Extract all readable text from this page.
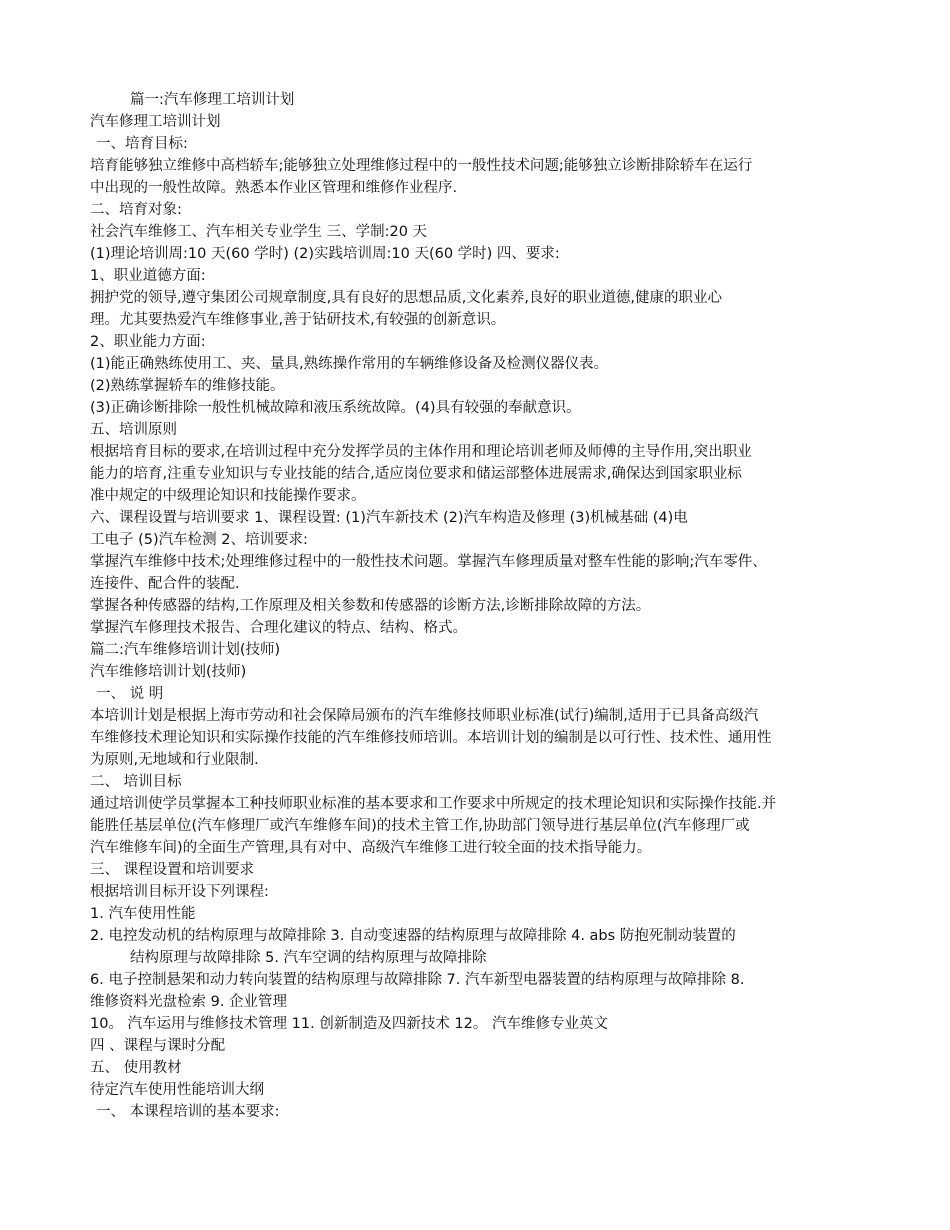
篇一:汽车修理工培训计划
汽车修理工培训计划
一、培育目标:
培育能够独立维修中高档轿车;能够独立处理维修过程中的一般性技术问题;能够独立诊断排除轿车在运行
中出现的一般性故障。熟悉本作业区管理和维修作业程序.
二、培育对象:
社会汽车维修工、汽车相关专业学生 三、学制:20 天
(1)理论培训周:10 天(60 学时) (2)实践培训周:10 天(60 学时) 四、要求:
1、职业道德方面:
拥护党的领导,遵守集团公司规章制度,具有良好的思想品质,文化素养,良好的职业道德,健康的职业心
理。尤其要热爱汽车维修事业,善于钻研技术,有较强的创新意识。
2、职业能力方面:
(1)能正确熟练使用工、夹、量具,熟练操作常用的车辆维修设备及检测仪器仪表。
(2)熟练掌握轿车的维修技能。
(3)正确诊断排除一般性机械故障和液压系统故障。(4)具有较强的奉献意识。
五、培训原则
根据培育目标的要求,在培训过程中充分发挥学员的主体作用和理论培训老师及师傅的主导作用,突出职业
能力的培育,注重专业知识与专业技能的结合,适应岗位要求和储运部整体进展需求,确保达到国家职业标
准中规定的中级理论知识和技能操作要求。
六、课程设置与培训要求 1、课程设置: (1)汽车新技术 (2)汽车构造及修理 (3)机械基础 (4)电
工电子 (5)汽车检测 2、培训要求:
掌握汽车维修中技术;处理维修过程中的一般性技术问题。掌握汽车修理质量对整车性能的影响;汽车零件、
连接件、配合件的装配.
掌握各种传感器的结构,工作原理及相关参数和传感器的诊断方法,诊断排除故障的方法。
掌握汽车修理技术报告、合理化建议的特点、结构、格式。
篇二:汽车维修培训计划(技师)
汽车维修培训计划(技师)
一、 说 明
本培训计划是根据上海市劳动和社会保障局颁布的汽车维修技师职业标准(试行)编制,适用于已具备高级汽
车维修技术理论知识和实际操作技能的汽车维修技师培训。本培训计划的编制是以可行性、技术性、通用性
为原则,无地域和行业限制.
二、 培训目标
通过培训使学员掌握本工种技师职业标准的基本要求和工作要求中所规定的技术理论知识和实际操作技能.并
能胜任基层单位(汽车修理厂或汽车维修车间)的技术主管工作,协助部门领导进行基层单位(汽车修理厂或
汽车维修车间)的全面生产管理,具有对中、高级汽车维修工进行较全面的技术指导能力。
三、 课程设置和培训要求
根据培训目标开设下列课程:
1. 汽车使用性能
2. 电控发动机的结构原理与故障排除 3. 自动变速器的结构原理与故障排除 4. abs 防抱死制动装置的
结构原理与故障排除 5. 汽车空调的结构原理与故障排除
6. 电子控制悬架和动力转向装置的结构原理与故障排除 7. 汽车新型电器装置的结构原理与故障排除 8.
维修资料光盘检索 9. 企业管理
10。 汽车运用与维修技术管理 11. 创新制造及四新技术 12。 汽车维修专业英文
四 、课程与课时分配
五、 使用教材
待定汽车使用性能培训大纲
一、 本课程培训的基本要求:
